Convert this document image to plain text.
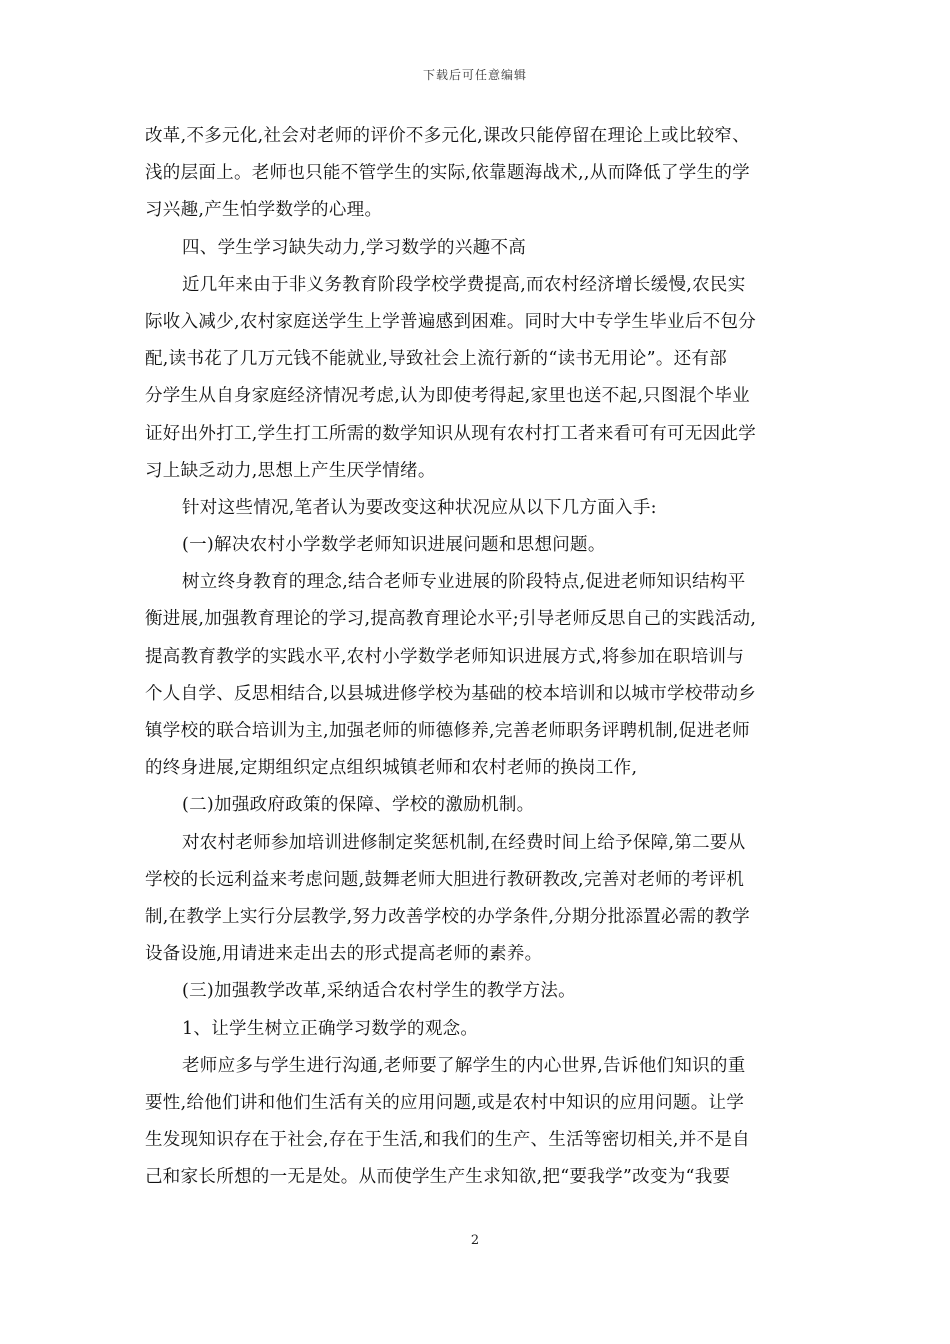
下载后可任意编辑
改革,不多元化,社会对老师的评价不多元化,课改只能停留在理论上或比较窄、
浅的层面上。老师也只能不管学生的实际,依靠题海战术,,从而降低了学生的学
习兴趣,产生怕学数学的心理。
四、学生学习缺失动力,学习数学的兴趣不高
近几年来由于非义务教育阶段学校学费提高,而农村经济增长缓慢,农民实
际收入减少,农村家庭送学生上学普遍感到困难。同时大中专学生毕业后不包分
配,读书花了几万元钱不能就业,导致社会上流行新的“读书无用论”。还有部
分学生从自身家庭经济情况考虑,认为即使考得起,家里也送不起,只图混个毕业
证好出外打工,学生打工所需的数学知识从现有农村打工者来看可有可无因此学
习上缺乏动力,思想上产生厌学情绪。
针对这些情况,笔者认为要改变这种状况应从以下几方面入手:
(一)解决农村小学数学老师知识进展问题和思想问题。
树立终身教育的理念,结合老师专业进展的阶段特点,促进老师知识结构平
衡进展,加强教育理论的学习,提高教育理论水平;引导老师反思自己的实践活动,
提高教育教学的实践水平,农村小学数学老师知识进展方式,将参加在职培训与
个人自学、反思相结合,以县城进修学校为基础的校本培训和以城市学校带动乡
镇学校的联合培训为主,加强老师的师德修养,完善老师职务评聘机制,促进老师
的终身进展,定期组织定点组织城镇老师和农村老师的换岗工作,
(二)加强政府政策的保障、学校的激励机制。
对农村老师参加培训进修制定奖惩机制,在经费时间上给予保障,第二要从
学校的长远利益来考虑问题,鼓舞老师大胆进行教研教改,完善对老师的考评机
制,在教学上实行分层教学,努力改善学校的办学条件,分期分批添置必需的教学
设备设施,用请进来走出去的形式提高老师的素养。
(三)加强教学改革,采纳适合农村学生的教学方法。
1、让学生树立正确学习数学的观念。
老师应多与学生进行沟通,老师要了解学生的内心世界,告诉他们知识的重
要性,给他们讲和他们生活有关的应用问题,或是农村中知识的应用问题。让学
生发现知识存在于社会,存在于生活,和我们的生产、生活等密切相关,并不是自
己和家长所想的一无是处。从而使学生产生求知欲,把“要我学”改变为“我要
2
